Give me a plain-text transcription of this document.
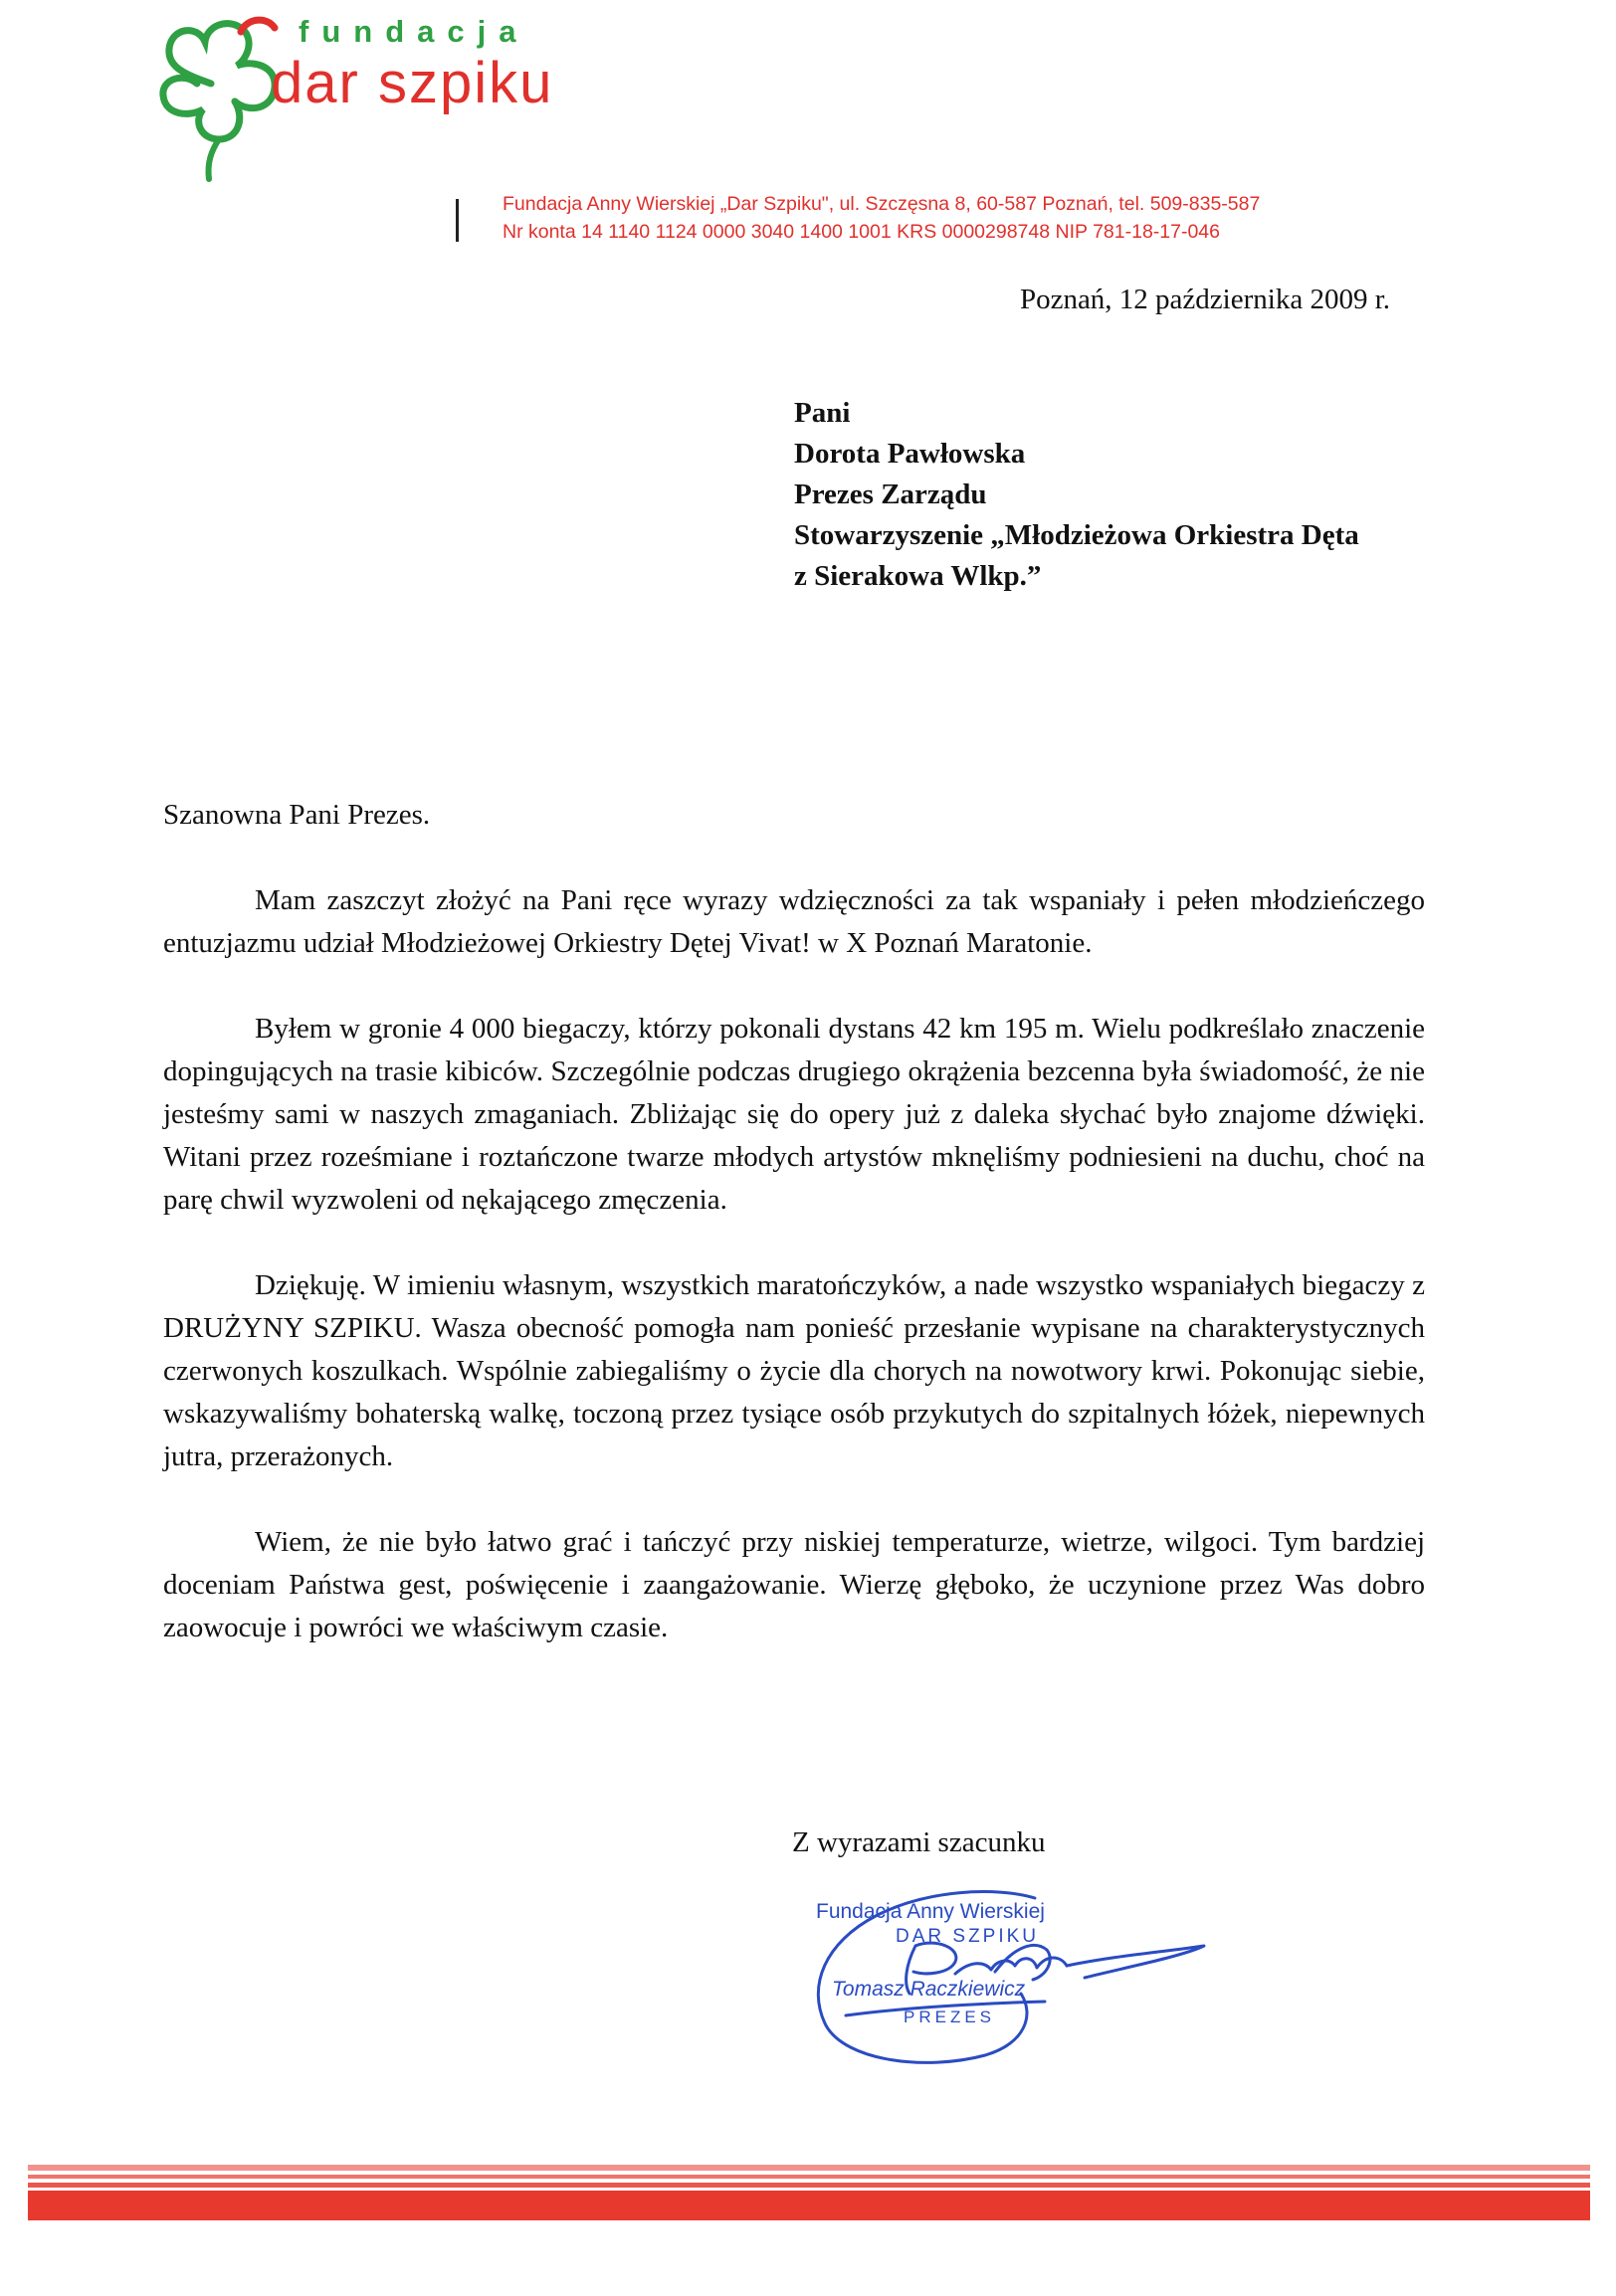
fundacja
dar szpiku
Fundacja Anny Wierskiej „Dar Szpiku", ul. Szczęsna 8, 60-587 Poznań, tel. 509-835-587
Nr konta 14 1140 1124 0000 3040 1400 1001 KRS 0000298748 NIP 781-18-17-046
Poznań, 12 października 2009 r.
Pani
Dorota Pawłowska
Prezes Zarządu
Stowarzyszenie „Młodzieżowa Orkiestra Dęta
z Sierakowa Wlkp.”
Szanowna Pani Prezes.

Mam zaszczyt złożyć na Pani ręce wyrazy wdzięczności za tak wspaniały i pełen młodzieńczego entuzjazmu udział Młodzieżowej Orkiestry Dętej Vivat! w X Poznań Maratonie.

Byłem w gronie 4 000 biegaczy, którzy pokonali dystans 42 km 195 m. Wielu podkreślało znaczenie dopingujących na trasie kibiców. Szczególnie podczas drugiego okrążenia bezcenna była świadomość, że nie jesteśmy sami w naszych zmaganiach. Zbliżając się do opery już z daleka słychać było znajome dźwięki. Witani przez roześmiane i roztańczone twarze młodych artystów mknęliśmy podniesieni na duchu, choć na parę chwil wyzwoleni od nękającego zmęczenia.

Dziękuję. W imieniu własnym, wszystkich maratończyków, a nade wszystko wspaniałych biegaczy z DRUŻYNY SZPIKU. Wasza obecność pomogła nam ponieść przesłanie wypisane na charakterystycznych czerwonych koszulkach. Wspólnie zabiegaliśmy o życie dla chorych na nowotwory krwi. Pokonując siebie, wskazywaliśmy bohaterską walkę, toczoną przez tysiące osób przykutych do szpitalnych łóżek, niepewnych jutra, przerażonych.

Wiem, że nie było łatwo grać i tańczyć przy niskiej temperaturze, wietrze, wilgoci. Tym bardziej doceniam Państwa gest, poświęcenie i zaangażowanie. Wierzę głęboko, że uczynione przez Was dobro zaowocuje i powróci we właściwym czasie.

Z wyrazami szacunku
Fundacja Anny Wierskiej
DAR SZPIKU
Tomasz Raczkiewicz
PREZES
